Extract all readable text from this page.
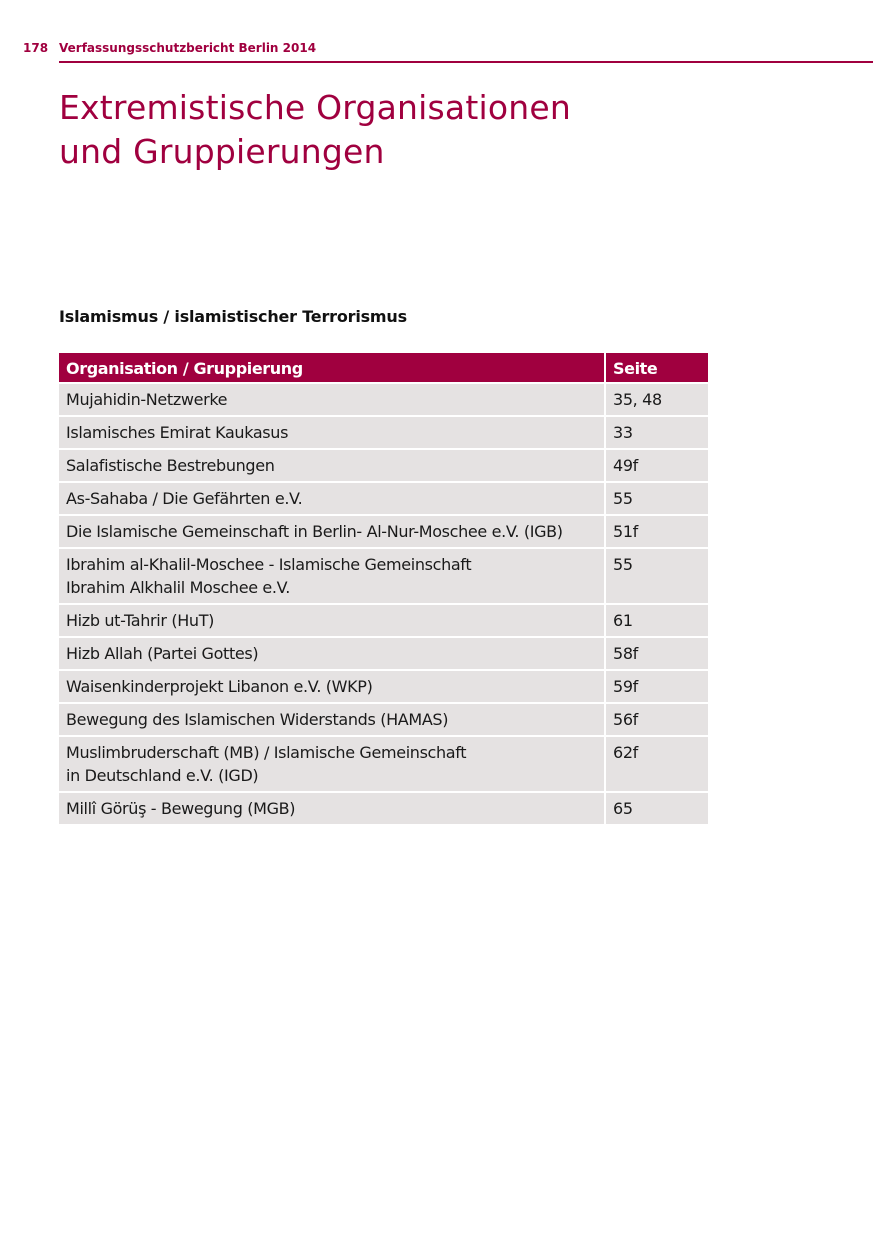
178 Verfassungsschutzbericht Berlin 2014
Extremistische Organisationen
und Gruppierungen
Islamismus / islamistischer Terrorismus
Organisation / Gruppierung	Seite

Mujahidin-Netzwerke	35, 48

Islamisches Emirat Kaukasus	33

Salafistische Bestrebungen	49f

As-Sahaba / Die Gefährten e.V.	55

Die Islamische Gemeinschaft in Berlin- Al-Nur-Moschee e.V. (IGB)	51f

Ibrahim al-Khalil-Moschee - Islamische Gemeinschaft
Ibrahim Alkhalil Moschee e.V.	55

Hizb ut-Tahrir (HuT)	61

Hizb Allah (Partei Gottes)	58f

Waisenkinderprojekt Libanon e.V. (WKP)	59f

Bewegung des Islamischen Widerstands (HAMAS)	56f

Muslimbruderschaft (MB) / Islamische Gemeinschaft
in Deutschland e.V. (IGD)	62f

Millî Görüş - Bewegung (MGB)	65
